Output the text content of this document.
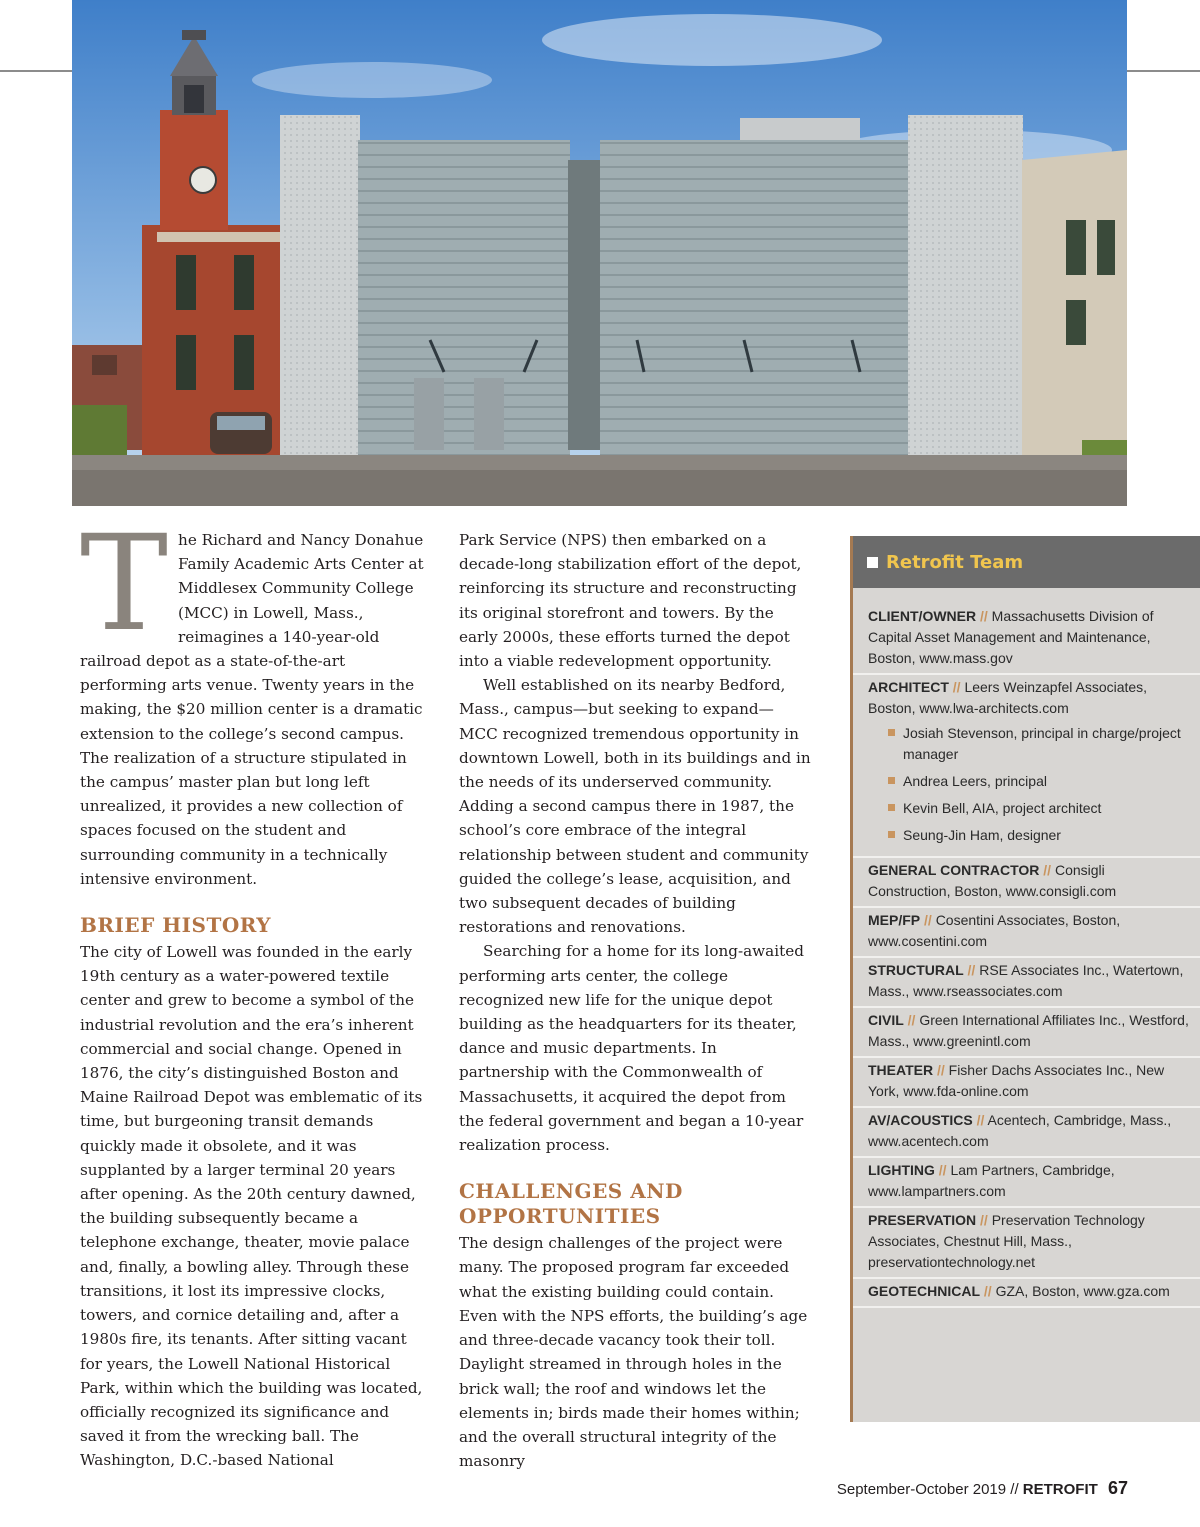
T he Richard and Nancy Donahue Family Academic Arts Center at Middlesex Community College (MCC) in Lowell, Mass., reimagines a 140-year-old railroad depot as a state-of-the-art performing arts venue. Twenty years in the making, the $20 million center is a dramatic extension to the college’s second campus. The realization of a structure stipulated in the campus’ master plan but long left unrealized, it provides a new collection of spaces focused on the student and surrounding community in a technically intensive environment.

BRIEF HISTORY

The city of Lowell was founded in the early 19th century as a water-powered textile center and grew to become a symbol of the industrial revolution and the era’s inherent commercial and social change. Opened in 1876, the city’s distinguished Boston and Maine Railroad Depot was emblematic of its time, but burgeoning transit demands quickly made it obsolete, and it was supplanted by a larger terminal 20 years after opening. As the 20th century dawned, the building subsequently became a telephone exchange, theater, movie palace and, finally, a bowling alley. Through these transitions, it lost its impressive clocks, towers, and cornice detailing and, after a 1980s fire, its tenants. After sitting vacant for years, the Lowell National Historical Park, within which the building was located, officially recognized its significance and saved it from the wrecking ball. The Washington, D.C.-based National

Park Service (NPS) then embarked on a decade-long stabilization effort of the depot, reinforcing its structure and reconstructing its original storefront and towers. By the early 2000s, these efforts turned the depot into a viable redevelopment opportunity.

Well established on its nearby Bedford, Mass., campus—but seeking to expand—MCC recognized tremendous opportunity in downtown Lowell, both in its buildings and in the needs of its underserved community. Adding a second campus there in 1987, the school’s core embrace of the integral relationship between student and community guided the college’s lease, acquisition, and two subsequent decades of building restorations and renovations.

Searching for a home for its long-awaited performing arts center, the college recognized new life for the unique depot building as the headquarters for its theater, dance and music departments. In partnership with the Commonwealth of Massachusetts, it acquired the depot from the federal government and began a 10-year realization process.

CHALLENGES AND OPPORTUNITIES

The design challenges of the project were many. The proposed program far exceeded what the existing building could contain. Even with the NPS efforts, the building’s age and three-decade vacancy took their toll. Daylight streamed in through holes in the brick wall; the roof and windows let the elements in; birds made their homes within; and the overall structural integrity of the masonry

Retrofit Team
CLIENT/OWNER // Massachusetts Division of Capital Asset Management and Maintenance, Boston, www.mass.gov
ARCHITECT // Leers Weinzapfel Associates, Boston, www.lwa-architects.com
Josiah Stevenson, principal in charge/project manager
Andrea Leers, principal
Kevin Bell, AIA, project architect
Seung-Jin Ham, designer
GENERAL CONTRACTOR // Consigli Construction, Boston, www.consigli.com
MEP/FP // Cosentini Associates, Boston, www.cosentini.com
STRUCTURAL // RSE Associates Inc., Watertown, Mass., www.rseassociates.com
CIVIL // Green International Affiliates Inc., Westford, Mass., www.greenintl.com
THEATER // Fisher Dachs Associates Inc., New York, www.fda-online.com
AV/ACOUSTICS // Acentech, Cambridge, Mass., www.acentech.com
LIGHTING // Lam Partners, Cambridge, www.lampartners.com
PRESERVATION // Preservation Technology Associates, Chestnut Hill, Mass., preservationtechnology.net
GEOTECHNICAL // GZA, Boston, www.gza.com
September-October 2019 // RETROFIT 67
